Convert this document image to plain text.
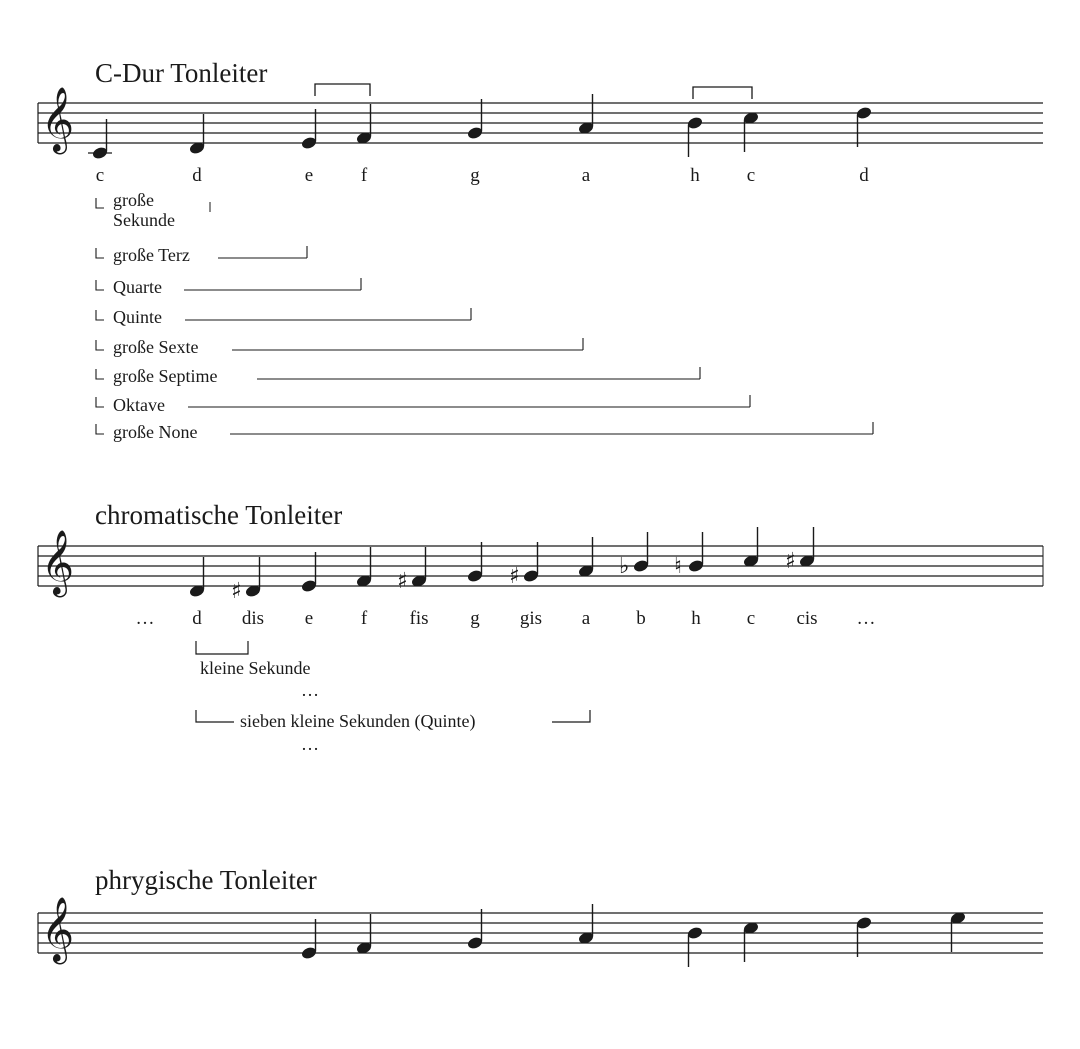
𝄞
𝄞
𝄞
♯	♯	♯	♭ ♮	♯
C-Dur Tonleiter
chromatische Tonleiter
phrygische Tonleiter
c	d	e	f	g	a	h	c	d
große
Sekunde
große Terz
Quarte
Quinte
große Sexte
große Septime
Oktave
große None
…	d	dis	e	f	fis	g	gis	a	b	h	c	cis	…
kleine Sekunde
…
sieben kleine Sekunden (Quinte)
…
